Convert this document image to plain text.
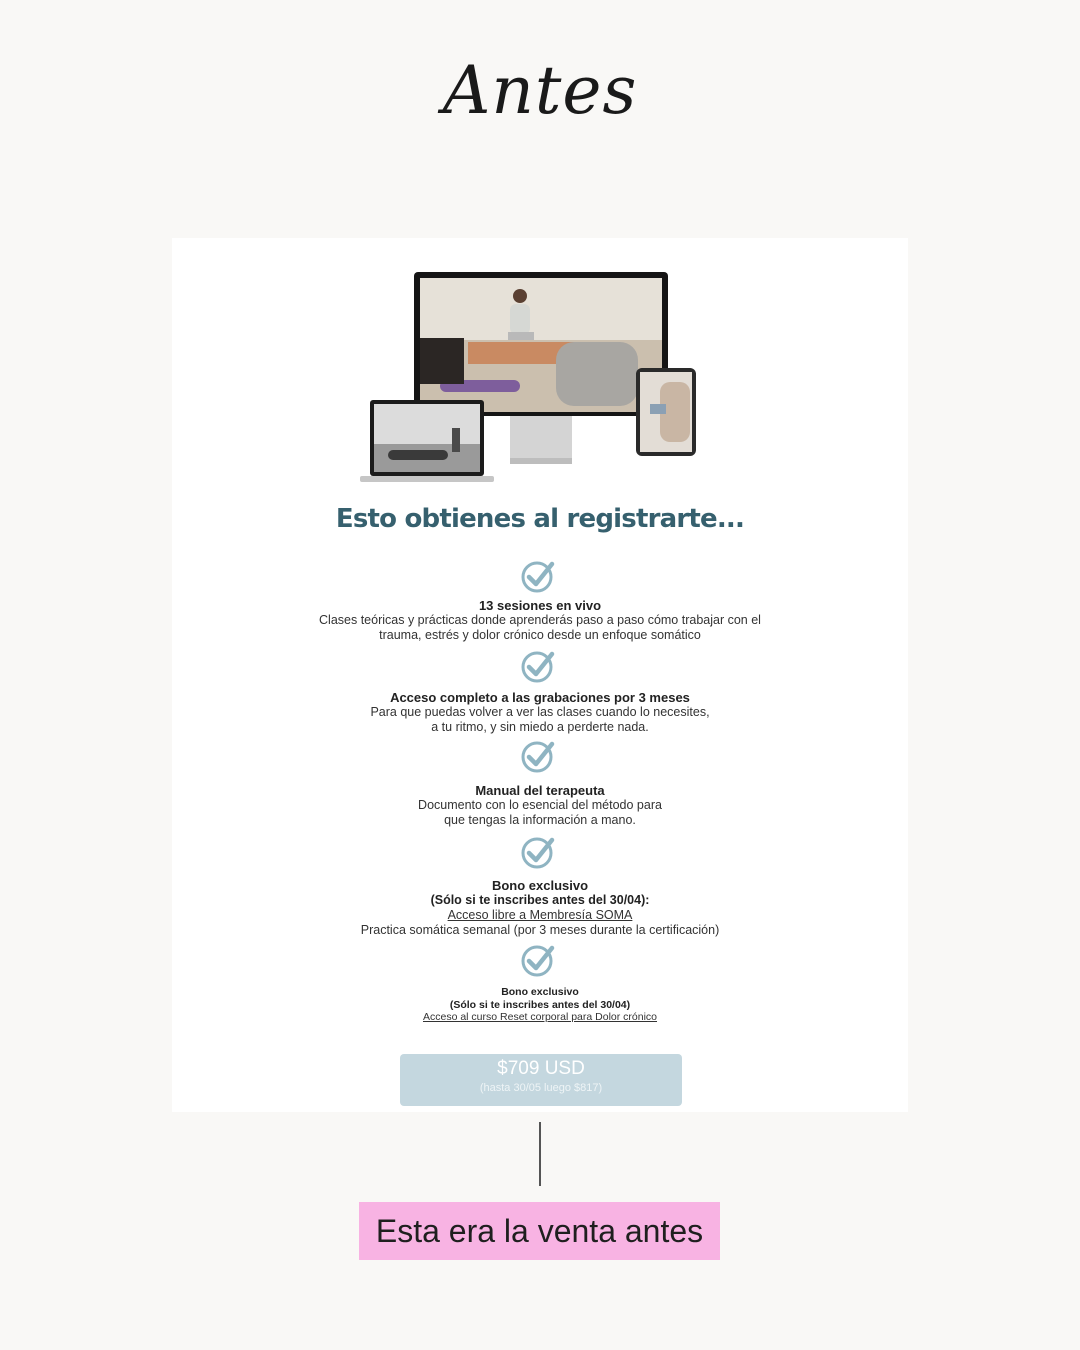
Antes
Esto obtienes al registrarte...
13 sesiones en vivo
Clases teóricas y prácticas donde aprenderás paso a paso cómo trabajar con el
trauma, estrés y dolor crónico desde un enfoque somático
Acceso completo a las grabaciones por 3 meses
Para que puedas volver a ver las clases cuando lo necesites,
a tu ritmo, y sin miedo a perderte nada.
Manual del terapeuta
Documento con lo esencial del método para
que tengas la información a mano.
Bono exclusivo
(Sólo si te inscribes antes del 30/04):
Acceso libre a Membresía SOMA
Practica somática semanal (por 3 meses durante la certificación)
Bono exclusivo
(Sólo si te inscribes antes del 30/04)
Acceso al curso Reset corporal para Dolor crónico
$709 USD
(hasta 30/05 luego $817)
Esta era la venta antes
